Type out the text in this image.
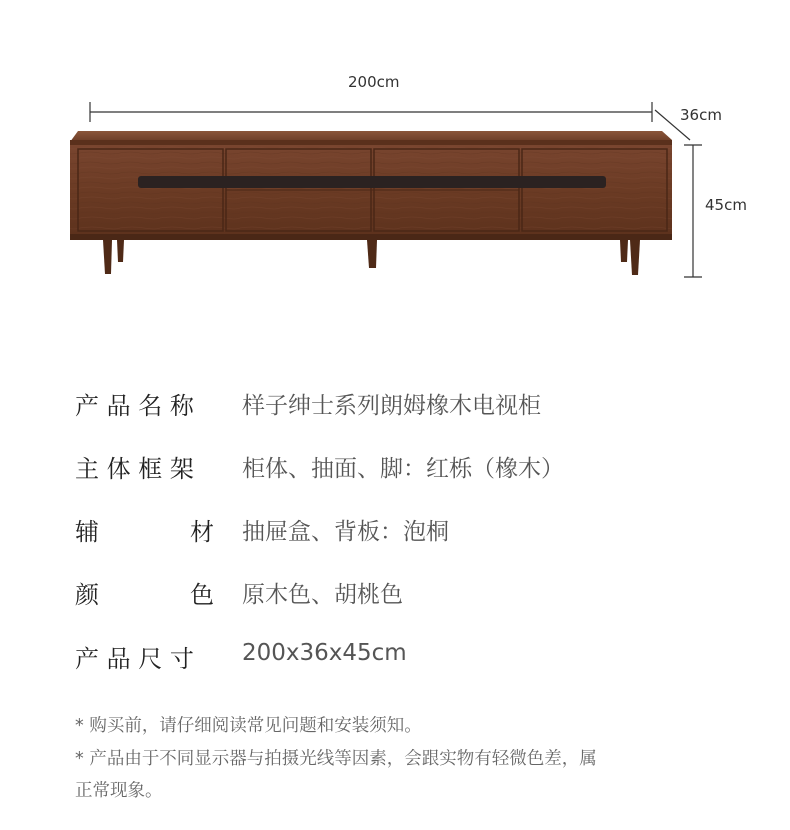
200cm
36cm
45cm
产 品 名 称 样子绅士系列朗姆橡木电视柜
主 体 框 架 柜体、抽面、脚：红栎（橡木）
辅	材 抽屉盒、背板：泡桐
颜	色 原木色、胡桃色
产 品 尺 寸 200x36x45cm
* 购买前，请仔细阅读常见问题和安装须知。
* 产品由于不同显示器与拍摄光线等因素，会跟实物有轻微色差，属
正常现象。
